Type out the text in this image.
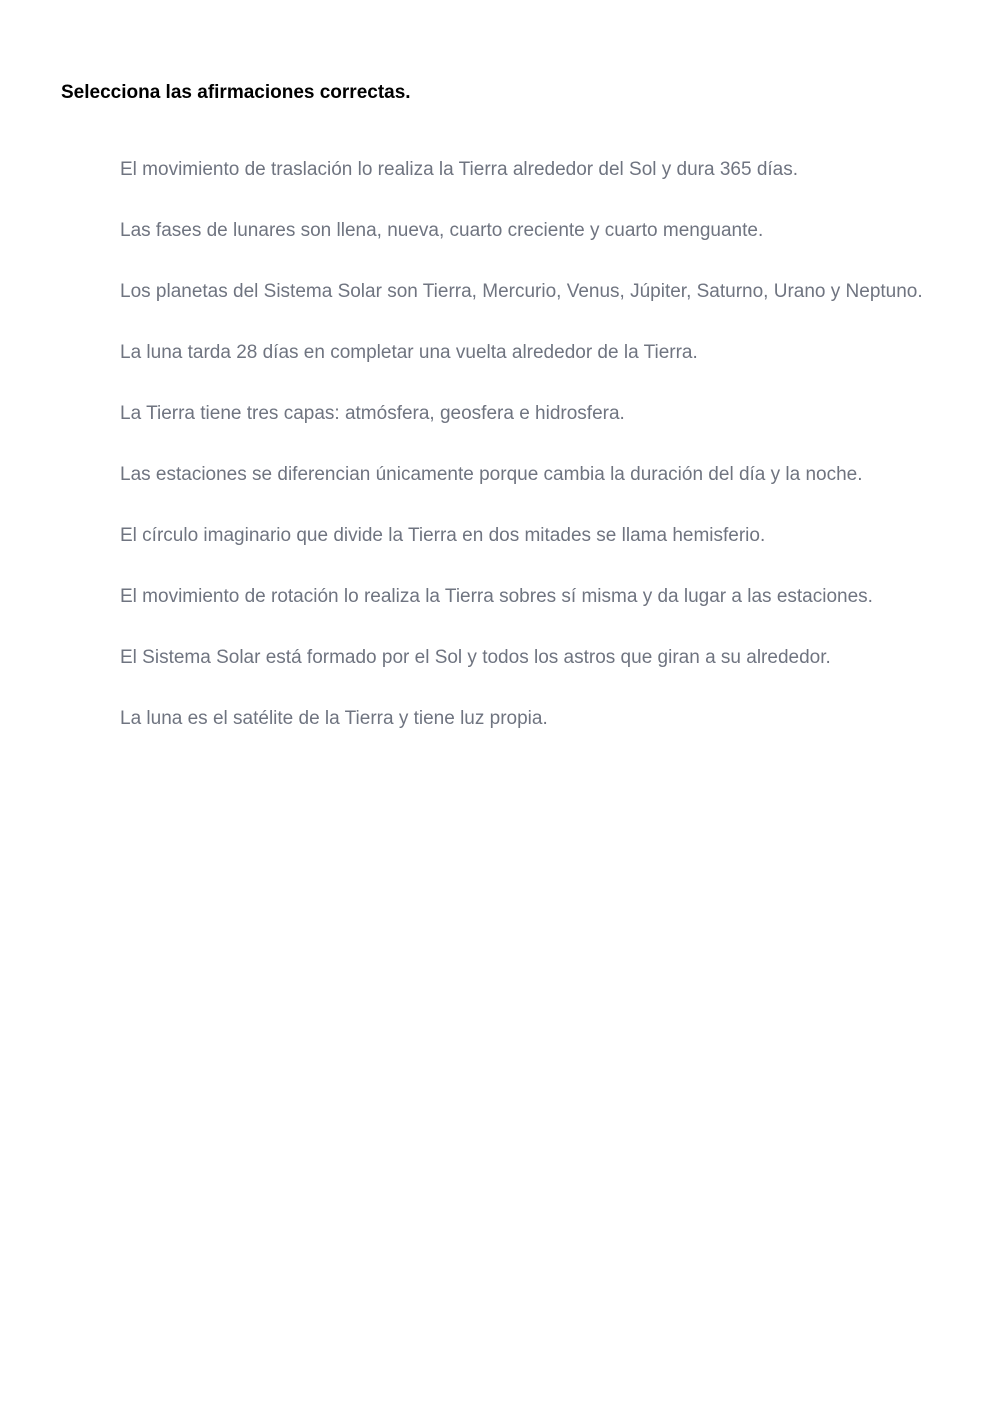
Selecciona las afirmaciones correctas.
El movimiento de traslación lo realiza la Tierra alrededor del Sol y dura 365 días.
Las fases de lunares son llena, nueva, cuarto creciente y cuarto menguante.
Los planetas del Sistema Solar son Tierra, Mercurio, Venus, Júpiter, Saturno, Urano y Neptuno.
La luna tarda 28 días en completar una vuelta alrededor de la Tierra.
La Tierra tiene tres capas: atmósfera, geosfera e hidrosfera.
Las estaciones se diferencian únicamente porque cambia la duración del día y la noche.
El círculo imaginario que divide la Tierra en dos mitades se llama hemisferio.
El movimiento de rotación lo realiza la Tierra sobres sí misma y da lugar a las estaciones.
El Sistema Solar está formado por el Sol y todos los astros que giran a su alrededor.
La luna es el satélite de la Tierra y tiene luz propia.
